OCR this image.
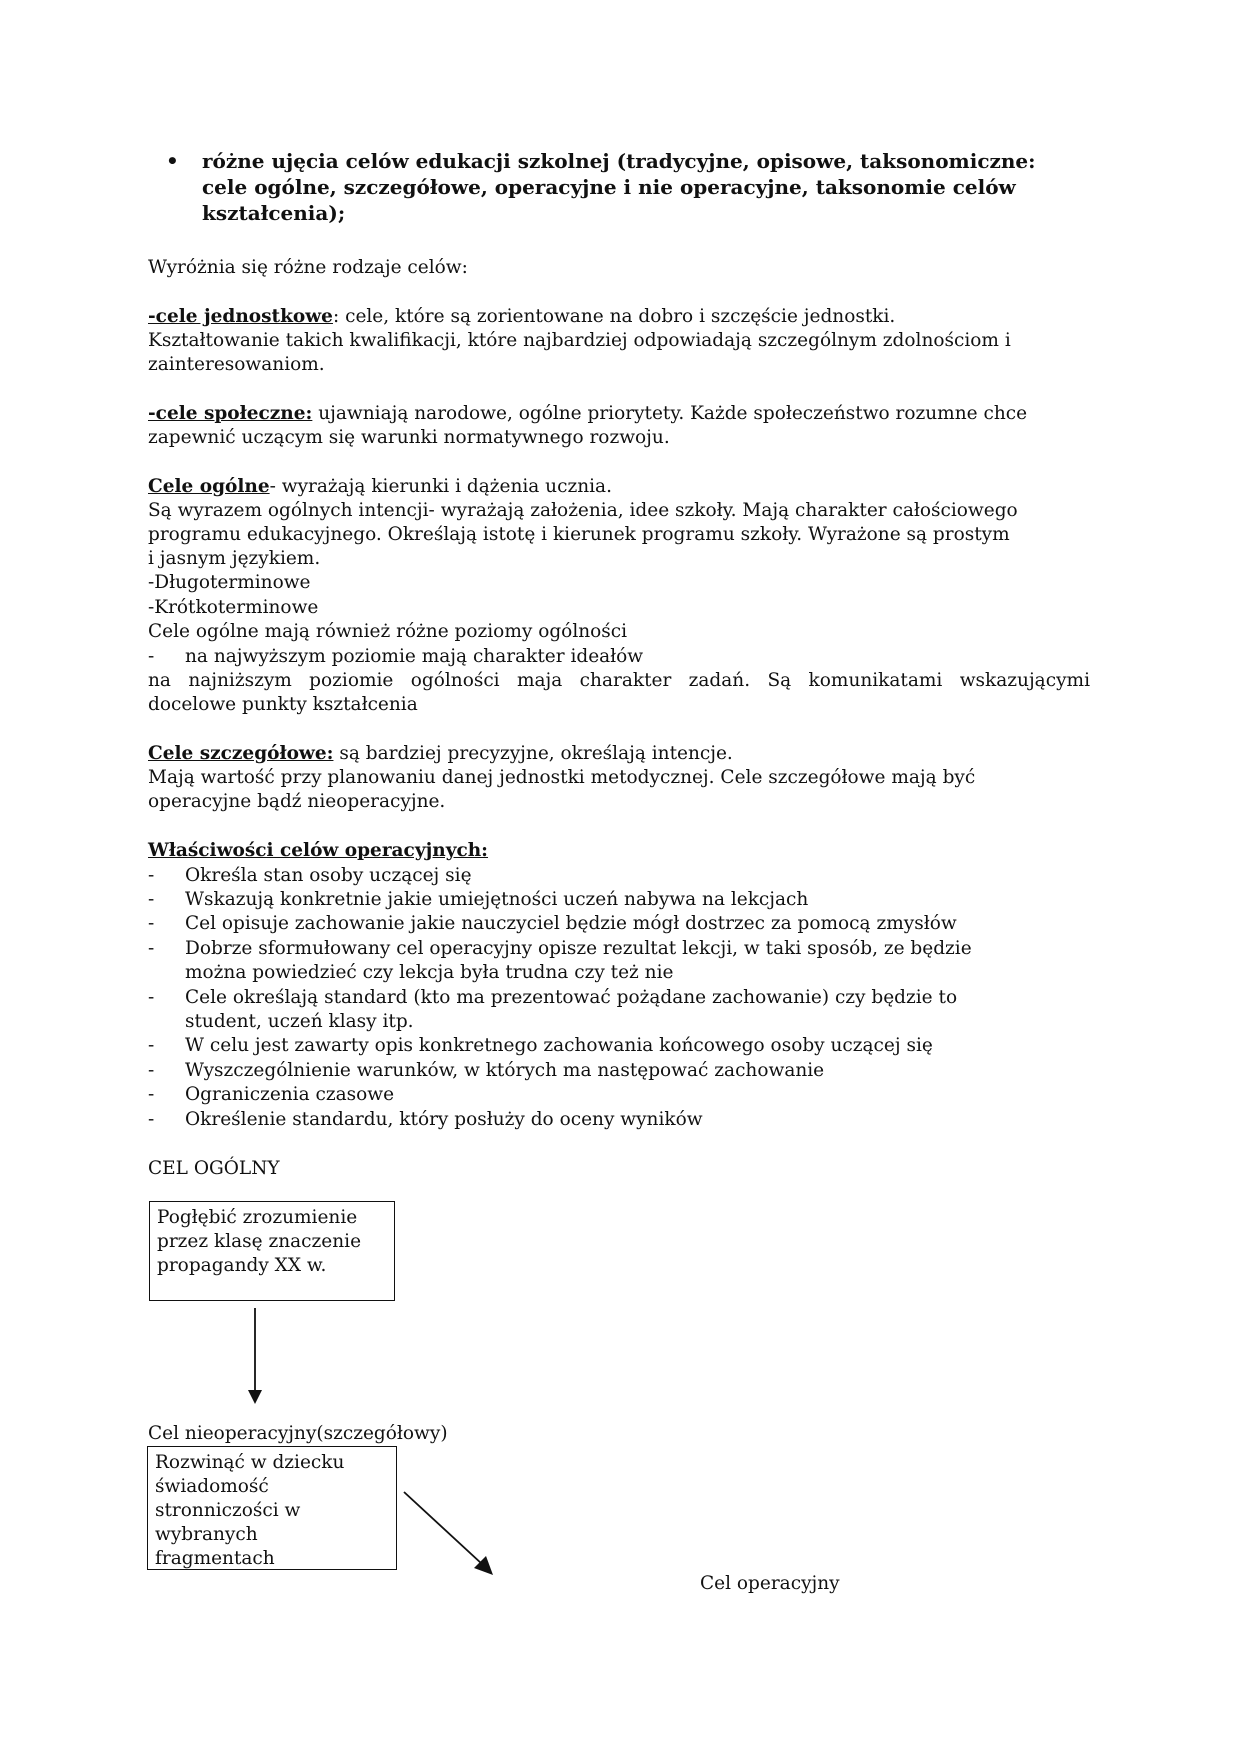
• różne ujęcia celów edukacji szkolnej (tradycyjne, opisowe, taksonomiczne:
cele ogólne, szczegółowe, operacyjne i nie operacyjne, taksonomie celów
kształcenia);
Wyróżnia się różne rodzaje celów:
-cele jednostkowe: cele, które są zorientowane na dobro i szczęście jednostki.
Kształtowanie takich kwalifikacji, które najbardziej odpowiadają szczególnym zdolnościom i
zainteresowaniom.
-cele społeczne: ujawniają narodowe, ogólne priorytety. Każde społeczeństwo rozumne chce
zapewnić uczącym się warunki normatywnego rozwoju.
Cele ogólne- wyrażają kierunki i dążenia ucznia.
Są wyrazem ogólnych intencji- wyrażają założenia, idee szkoły. Mają charakter całościowego
programu edukacyjnego. Określają istotę i kierunek programu szkoły. Wyrażone są prostym
i jasnym językiem.
-Długoterminowe
-Krótkoterminowe
Cele ogólne mają również różne poziomy ogólności
- na najwyższym poziomie mają charakter ideałów
na najniższym poziomie ogólności maja charakter zadań. Są komunikatami wskazującymi
docelowe punkty kształcenia
Cele szczegółowe: są bardziej precyzyjne, określają intencje.
Mają wartość przy planowaniu danej jednostki metodycznej. Cele szczegółowe mają być
operacyjne bądź nieoperacyjne.
Właściwości celów operacyjnych:
- Określa stan osoby uczącej się
- Wskazują konkretnie jakie umiejętności uczeń nabywa na lekcjach
- Cel opisuje zachowanie jakie nauczyciel będzie mógł dostrzec za pomocą zmysłów
- Dobrze sformułowany cel operacyjny opisze rezultat lekcji, w taki sposób, ze będzie
można powiedzieć czy lekcja była trudna czy też nie
- Cele określają standard (kto ma prezentować pożądane zachowanie) czy będzie to
student, uczeń klasy itp.
- W celu jest zawarty opis konkretnego zachowania końcowego osoby uczącej się
- Wyszczególnienie warunków, w których ma następować zachowanie
- Ograniczenia czasowe
- Określenie standardu, który posłuży do oceny wyników
CEL OGÓLNY
Pogłębić zrozumienie
przez klasę znaczenie
propagandy XX w.
Cel nieoperacyjny(szczegółowy)
Rozwinąć w dziecku
świadomość
stronniczości w
wybranych
fragmentach
Cel operacyjny
